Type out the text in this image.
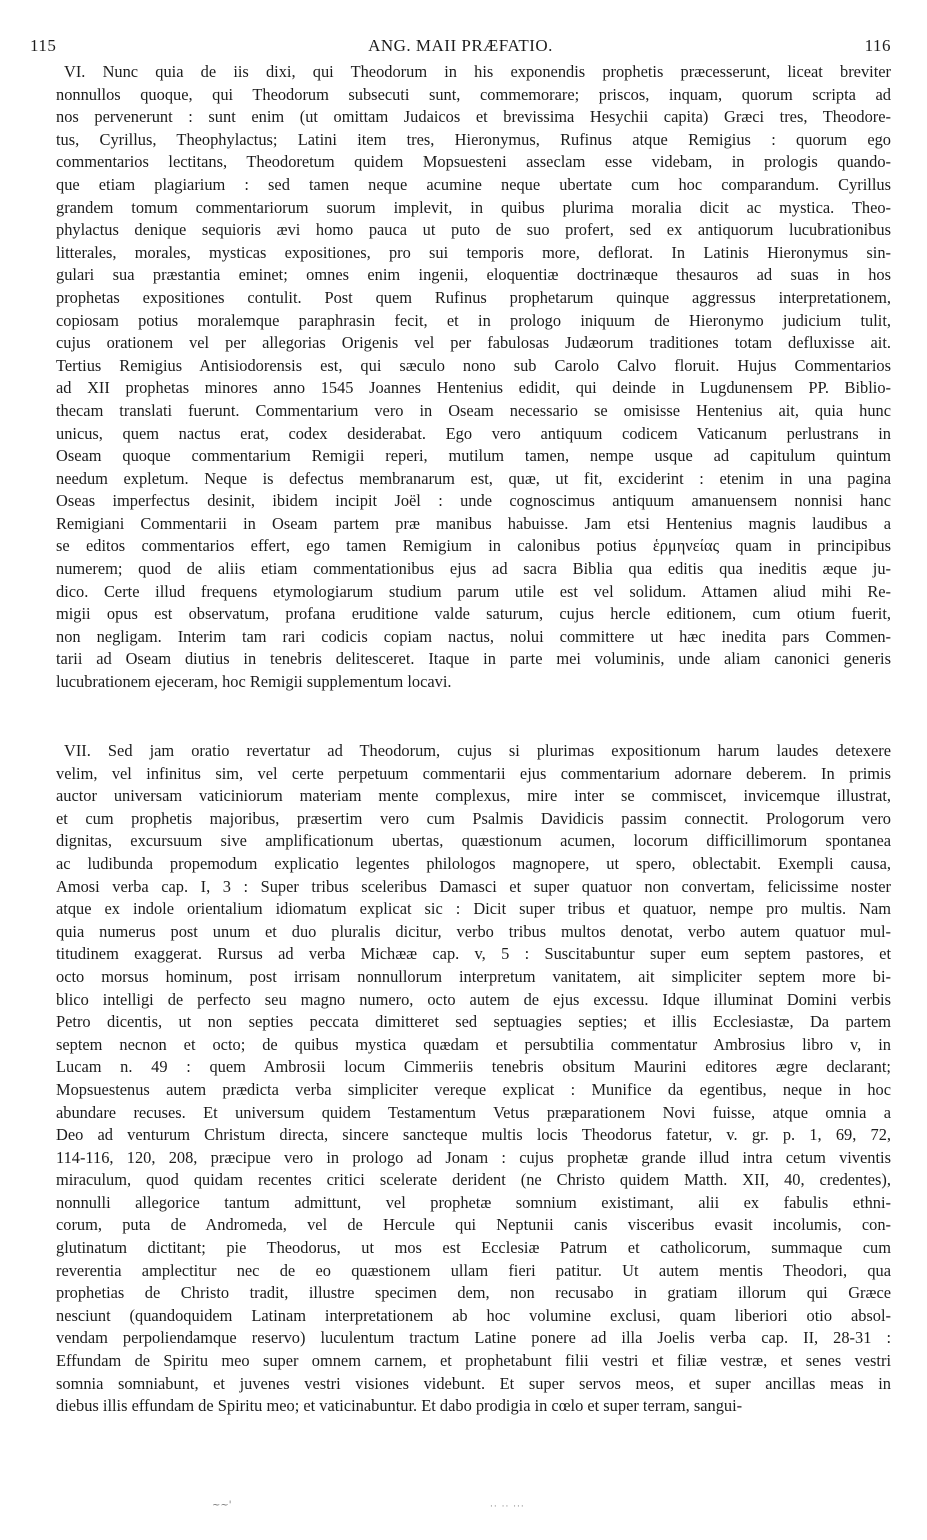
115	ANG. MAII PRÆFATIO.	116
VI. Nunc quia de iis dixi, qui Theodorum in his exponendis prophetis præcesserunt, liceat breviter
nonnullos quoque, qui Theodorum subsecuti sunt, commemorare; priscos, inquam, quorum scripta ad
nos pervenerunt : sunt enim (ut omittam Judaicos et brevissima Hesychii capita) Græci tres, Theodore-
tus, Cyrillus, Theophylactus; Latini item tres, Hieronymus, Rufinus atque Remigius : quorum ego
commentarios lectitans, Theodoretum quidem Mopsuesteni asseclam esse videbam, in prologis quando-
que etiam plagiarium : sed tamen neque acumine neque ubertate cum hoc comparandum. Cyrillus
grandem tomum commentariorum suorum implevit, in quibus plurima moralia dicit ac mystica. Theo-
phylactus denique sequioris ævi homo pauca ut puto de suo profert, sed ex antiquorum lucubrationibus
litterales, morales, mysticas expositiones, pro sui temporis more, deflorat. In Latinis Hieronymus sin-
gulari sua præstantia eminet; omnes enim ingenii, eloquentiæ doctrinæque thesauros ad suas in hos
prophetas expositiones contulit. Post quem Rufinus prophetarum quinque aggressus interpretationem,
copiosam potius moralemque paraphrasin fecit, et in prologo iniquum de Hieronymo judicium tulit,
cujus orationem vel per allegorias Origenis vel per fabulosas Judæorum traditiones totam defluxisse ait.
Tertius Remigius Antisiodorensis est, qui sæculo nono sub Carolo Calvo floruit. Hujus Commentarios
ad XII prophetas minores anno 1545 Joannes Hentenius edidit, qui deinde in Lugdunensem PP. Biblio-
thecam translati fuerunt. Commentarium vero in Oseam necessario se omisisse Hentenius ait, quia hunc
unicus, quem nactus erat, codex desiderabat. Ego vero antiquum codicem Vaticanum perlustrans in
Oseam quoque commentarium Remigii reperi, mutilum tamen, nempe usque ad capitulum quintum
needum expletum. Neque is defectus membranarum est, quæ, ut fit, exciderint : etenim in una pagina
Oseas imperfectus desinit, ibidem incipit Joël : unde cognoscimus antiquum amanuensem nonnisi hanc
Remigiani Commentarii in Oseam partem præ manibus habuisse. Jam etsi Hentenius magnis laudibus a
se editos commentarios effert, ego tamen Remigium in calonibus potius ἑρμηνείας quam in principibus
numerem; quod de aliis etiam commentationibus ejus ad sacra Biblia qua editis qua ineditis æque ju-
dico. Certe illud frequens etymologiarum studium parum utile est vel solidum. Attamen aliud mihi Re-
migii opus est observatum, profana eruditione valde saturum, cujus hercle editionem, cum otium fuerit,
non negligam. Interim tam rari codicis copiam nactus, nolui committere ut hæc inedita pars Commen-
tarii ad Oseam diutius in tenebris delitesceret. Itaque in parte mei voluminis, unde aliam canonici generis
lucubrationem ejeceram, hoc Remigii supplementum locavi.
VII. Sed jam oratio revertatur ad Theodorum, cujus si plurimas expositionum harum laudes detexere
velim, vel infinitus sim, vel certe perpetuum commentarii ejus commentarium adornare deberem. In primis
auctor universam vaticiniorum materiam mente complexus, mire inter se commiscet, invicemque illustrat,
et cum prophetis majoribus, præsertim vero cum Psalmis Davidicis passim connectit. Prologorum vero
dignitas, excursuum sive amplificationum ubertas, quæstionum acumen, locorum difficillimorum spontanea
ac ludibunda propemodum explicatio legentes philologos magnopere, ut spero, oblectabit. Exempli causa,
Amosi verba cap. I, 3 : Super tribus sceleribus Damasci et super quatuor non convertam, felicissime noster
atque ex indole orientalium idiomatum explicat sic : Dicit super tribus et quatuor, nempe pro multis. Nam
quia numerus post unum et duo pluralis dicitur, verbo tribus multos denotat, verbo autem quatuor mul-
titudinem exaggerat. Rursus ad verba Michææ cap. v, 5 : Suscitabuntur super eum septem pastores, et
octo morsus hominum, post irrisam nonnullorum interpretum vanitatem, ait simpliciter septem more bi-
blico intelligi de perfecto seu magno numero, octo autem de ejus excessu. Idque illuminat Domini verbis
Petro dicentis, ut non septies peccata dimitteret sed septuagies septies; et illis Ecclesiastæ, Da partem
septem necnon et octo; de quibus mystica quædam et persubtilia commentatur Ambrosius libro v, in
Lucam n. 49 : quem Ambrosii locum Cimmeriis tenebris obsitum Maurini editores ægre declarant;
Mopsuestenus autem prædicta verba simpliciter vereque explicat : Munifice da egentibus, neque in hoc
abundare recuses. Et universum quidem Testamentum Vetus præparationem Novi fuisse, atque omnia a
Deo ad venturum Christum directa, sincere sancteque multis locis Theodorus fatetur, v. gr. p. 1, 69, 72,
114-116, 120, 208, præcipue vero in prologo ad Jonam : cujus prophetæ grande illud intra cetum viventis
miraculum, quod quidam recentes critici scelerate derident (ne Christo quidem Matth. XII, 40, credentes),
nonnulli allegorice tantum admittunt, vel prophetæ somnium existimant, alii ex fabulis ethni-
corum, puta de Andromeda, vel de Hercule qui Neptunii canis visceribus evasit incolumis, con-
glutinatum dictitant; pie Theodorus, ut mos est Ecclesiæ Patrum et catholicorum, summaque cum
reverentia amplectitur nec de eo quæstionem ullam fieri patitur. Ut autem mentis Theodori, qua
prophetias de Christo tradit, illustre specimen dem, non recusabo in gratiam illorum qui Græce
nesciunt (quandoquidem Latinam interpretationem ab hoc volumine exclusi, quam liberiori otio absol-
vendam perpoliendamque reservo) luculentum tractum Latine ponere ad illa Joelis verba cap. II, 28-31 :
Effundam de Spiritu meo super omnem carnem, et prophetabunt filii vestri et filiæ vestræ, et senes vestri
somnia somniabunt, et juvenes vestri visiones videbunt. Et super servos meos, et super ancillas meas in
diebus illis effundam de Spiritu meo; et vaticinabuntur. Et dabo prodigia in cœlo et super terram, sangui-
~~'	·· ·· ···
